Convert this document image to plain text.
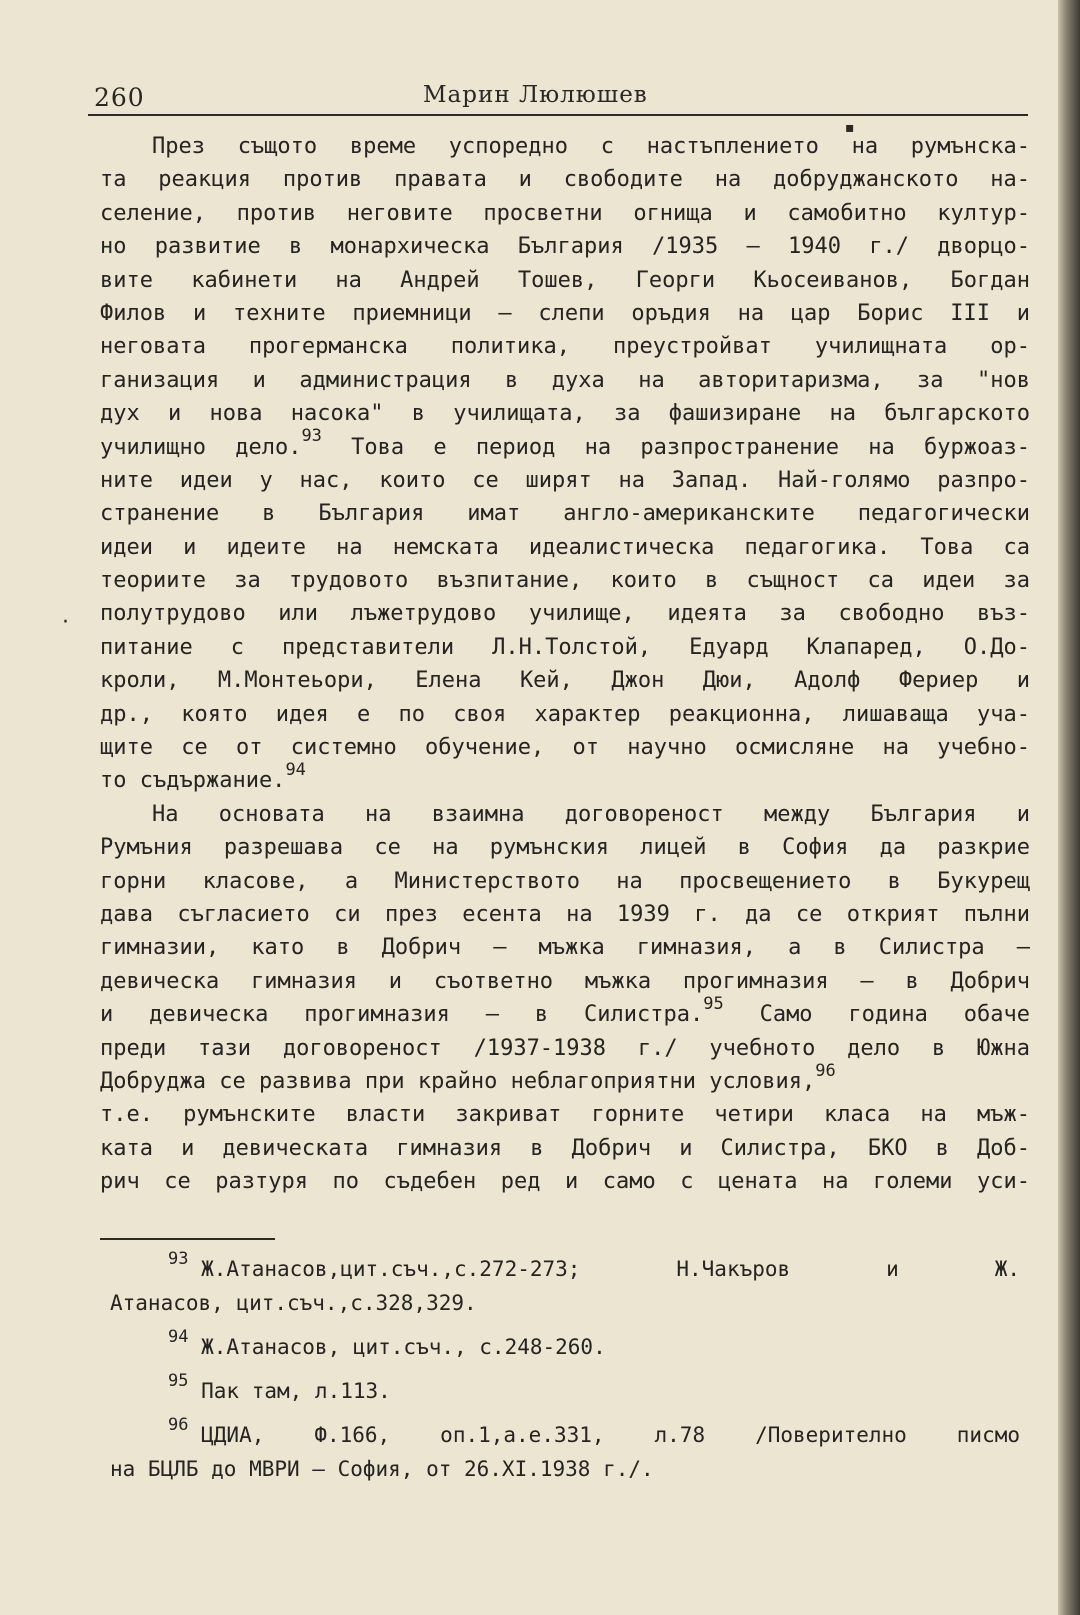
260	Марин Люлюшев
▪
·
През същото време успоредно с настъплението на румънска-
та реакция против правата и свободите на добруджанското на-
селение, против неговите просветни огнища и самобитно култур-
но развитие в монархическа България /1935 – 1940 г./ дворцо-
вите кабинети на Андрей Тошев, Георги Кьосеиванов, Богдан
Филов и техните приемници – слепи оръдия на цар Борис III и
неговата прогерманска политика, преустройват училищната ор-
ганизация и администрация в духа на авторитаризма, за "нов
дух и нова насока" в училищата, за фашизиране на българското
училищно дело.$^{93}$ Това е период на разпространение на буржоаз-
ните идеи у нас, които се ширят на Запад. Най-голямо разпро-
странение в България имат англо-американските педагогически
идеи и идеите на немската идеалистическа педагогика. Това са
теориите за трудовото възпитание, които в същност са идеи за
полутрудово или лъжетрудово училище, идеята за свободно въз-
питание с представители Л.Н.Толстой, Едуард Клапаред, О.До-
кроли, М.Монтеьори, Елена Кей, Джон Дюи, Адолф Фериер и
др., която идея е по своя характер реакционна, лишаваща уча-
щите се от системно обучение, от научно осмисляне на учебно-
то съдържание.$^{94}$
На основата на взаимна договореност между България и
Румъния разрешава се на румънския лицей в София да разкрие
горни класове, а Министерството на просвещението в Букурещ
дава съгласието си през есента на 1939 г. да се открият пълни
гимназии, като в Добрич – мъжка гимназия, а в Силистра –
девическа гимназия и съответно мъжка прогимназия – в Добрич
и девическа прогимназия – в Силистра.$^{95}$ Само година обаче
преди тази договореност /1937-1938 г./ учебното дело в Южна
Добруджа се развива при крайно неблагоприятни условия,$^{96}$
т.е. румънските власти закриват горните четири класа на мъж-
ката и девическата гимназия в Добрич и Силистра, БКО в Доб-
рич се разтуря по съдебен ред и само с цената на големи уси-
$^{93}$  Ж.Атанасов,цит.съч.,с.272-273; Н.Чакъров и Ж.
Атанасов, цит.съч.,с.328,329.
$^{94}$  Ж.Атанасов, цит.съч., с.248-260.
$^{95}$  Пак там, л.113.
$^{96}$  ЦДИА, Ф.166, оп.1,а.е.331, л.78 /Поверително писмо
на БЦЛБ до МВРИ – София, от 26.XI.1938 г./.
